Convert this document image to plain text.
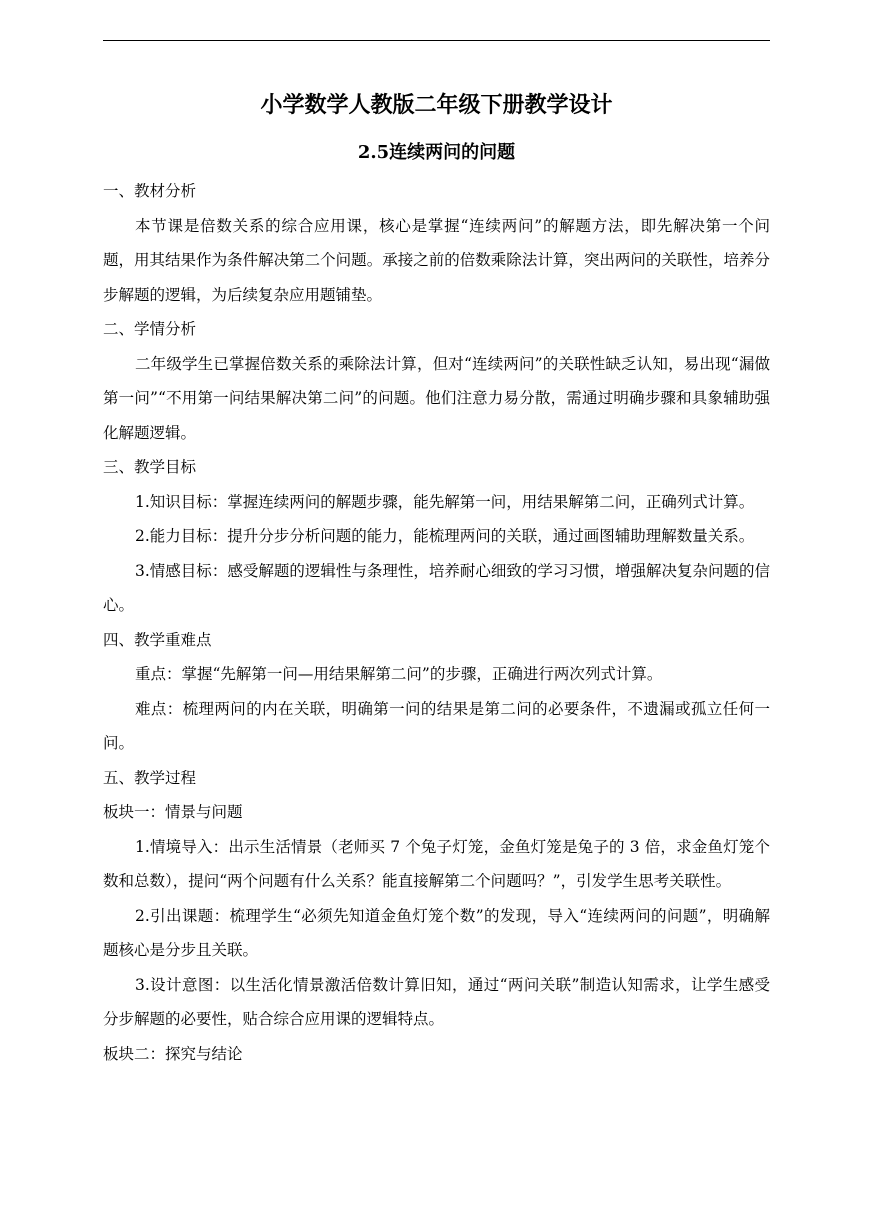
小学数学人教版二年级下册教学设计
2.5连续两问的问题
一、教材分析
本节课是倍数关系的综合应用课，核心是掌握“连续两问”的解题方法，即先解决第一个问题，用其结果作为条件解决第二个问题。承接之前的倍数乘除法计算，突出两问的关联性，培养分步解题的逻辑，为后续复杂应用题铺垫。
二、学情分析
二年级学生已掌握倍数关系的乘除法计算，但对“连续两问”的关联性缺乏认知，易出现“漏做第一问”“不用第一问结果解决第二问”的问题。他们注意力易分散，需通过明确步骤和具象辅助强化解题逻辑。
三、教学目标
1.知识目标：掌握连续两问的解题步骤，能先解第一问，用结果解第二问，正确列式计算。
2.能力目标：提升分步分析问题的能力，能梳理两问的关联，通过画图辅助理解数量关系。
3.情感目标：感受解题的逻辑性与条理性，培养耐心细致的学习习惯，增强解决复杂问题的信心。
四、教学重难点
重点：掌握“先解第一问—用结果解第二问”的步骤，正确进行两次列式计算。
难点：梳理两问的内在关联，明确第一问的结果是第二问的必要条件，不遗漏或孤立任何一问。
五、教学过程
板块一：情景与问题
1.情境导入：出示生活情景（老师买 7 个兔子灯笼，金鱼灯笼是兔子的 3 倍，求金鱼灯笼个数和总数），提问“两个问题有什么关系？能直接解第二个问题吗？”，引发学生思考关联性。
2.引出课题：梳理学生“必须先知道金鱼灯笼个数”的发现，导入“连续两问的问题”，明确解题核心是分步且关联。
3.设计意图：以生活化情景激活倍数计算旧知，通过“两问关联”制造认知需求，让学生感受分步解题的必要性，贴合综合应用课的逻辑特点。
板块二：探究与结论
